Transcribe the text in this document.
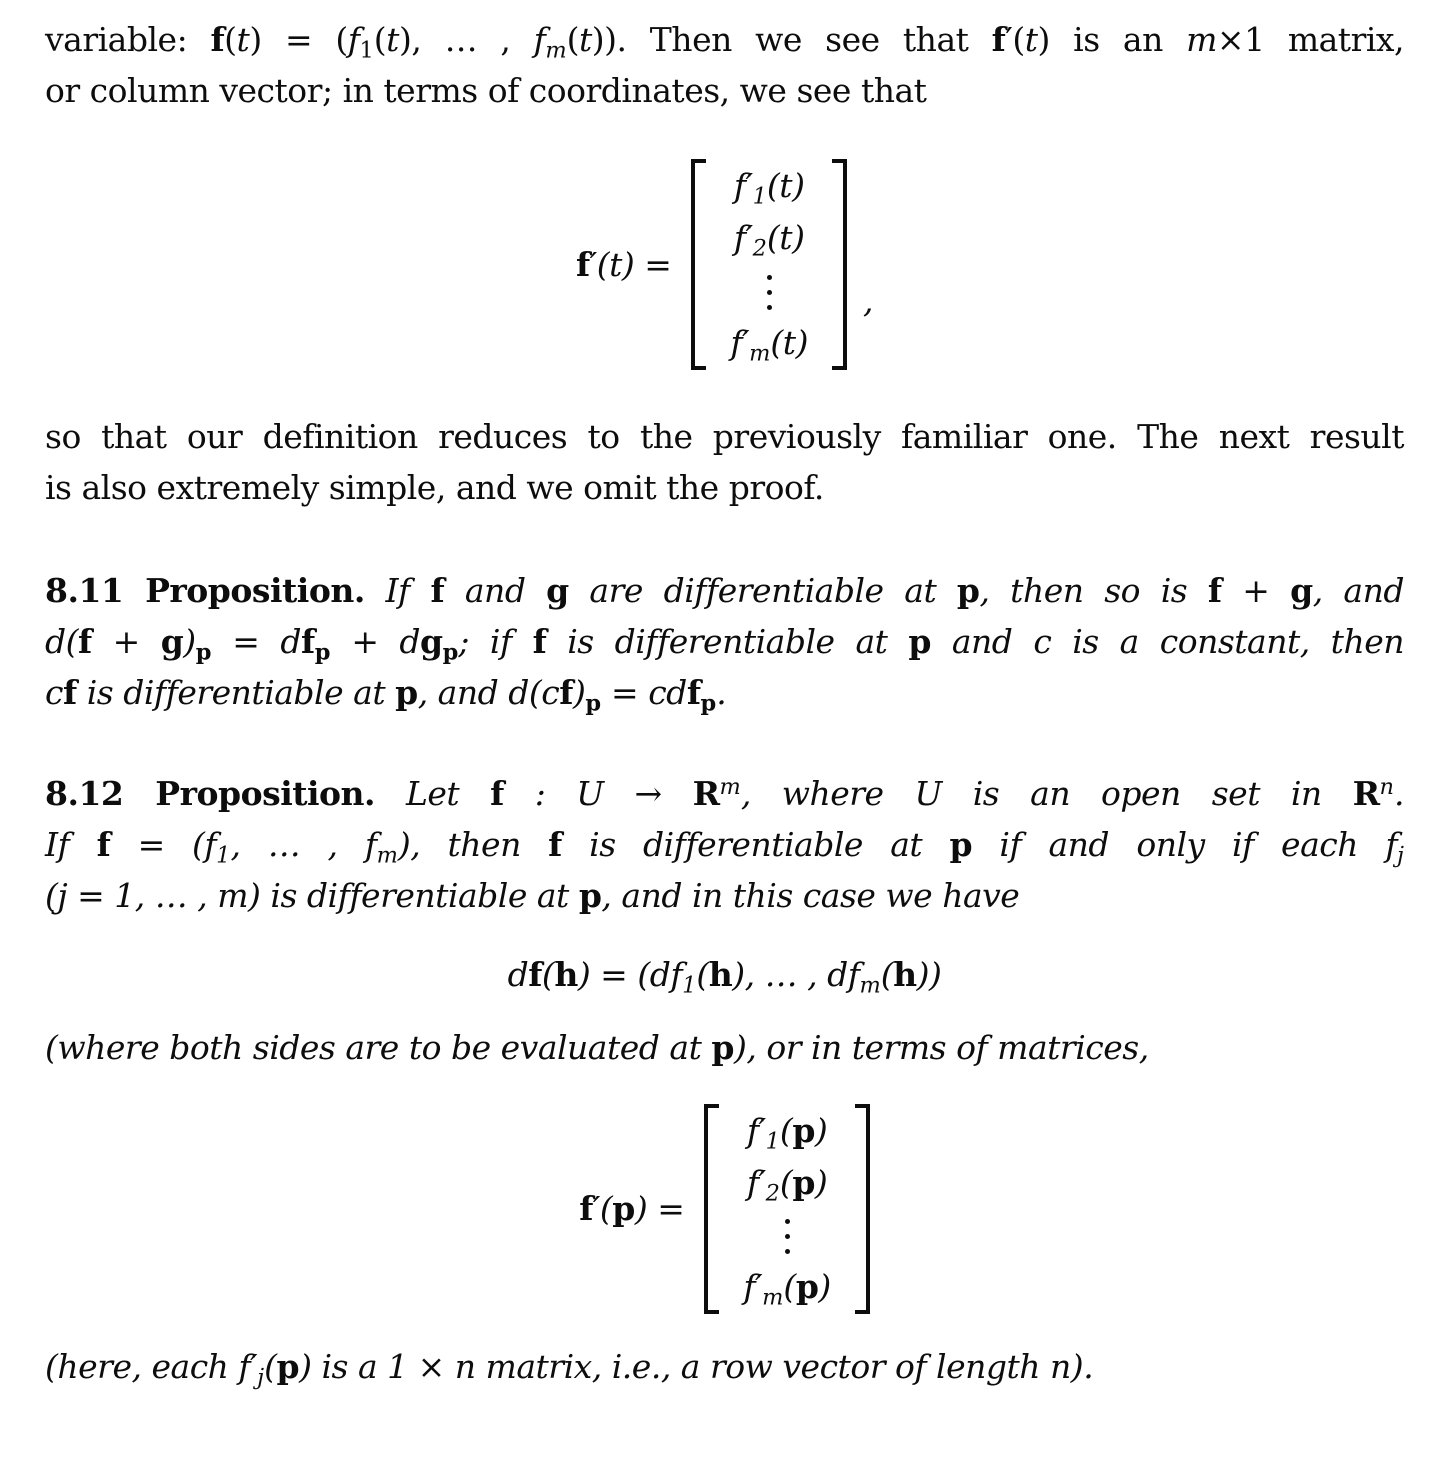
variable: $f(t) = (f_1(t)$, … , $f_m(t)$). Then we see that f′(t) is an m×1 matrix,
or column vector; in terms of coordinates, we see that
f′(t) =
$f'_1(t)$
$f'_2(t)$
$f'_m(t)$
,
so that our definition reduces to the previously familiar one. The next result
is also extremely simple, and we omit the proof.
8.11 Proposition. If f and g are differentiable at p, then so is f + g, and
$d(f + g)_p = df_p + dg_p$; if f is differentiable at p and c is a constant, then
cf is differentiable at p, and $d(cf)_p = cdf_p$.
8.12 Proposition. Let f : $U \to R^m$, where U is an open set in $R^n$.
If $f = (f_1$, … , $f_m$), then f is differentiable at p if and only if each $f_j$
(j = 1, … , m) is differentiable at p, and in this case we have
$df(h) = (df_1(h)$, … , $df_m(h)$)
(where both sides are to be evaluated at p), or in terms of matrices,
f′(p) =
$f'_1(p)$
$f'_2(p)$
$f'_m(p)$
(here, each $f'_j(p)$ is a 1 × n matrix, i.e., a row vector of length n).
